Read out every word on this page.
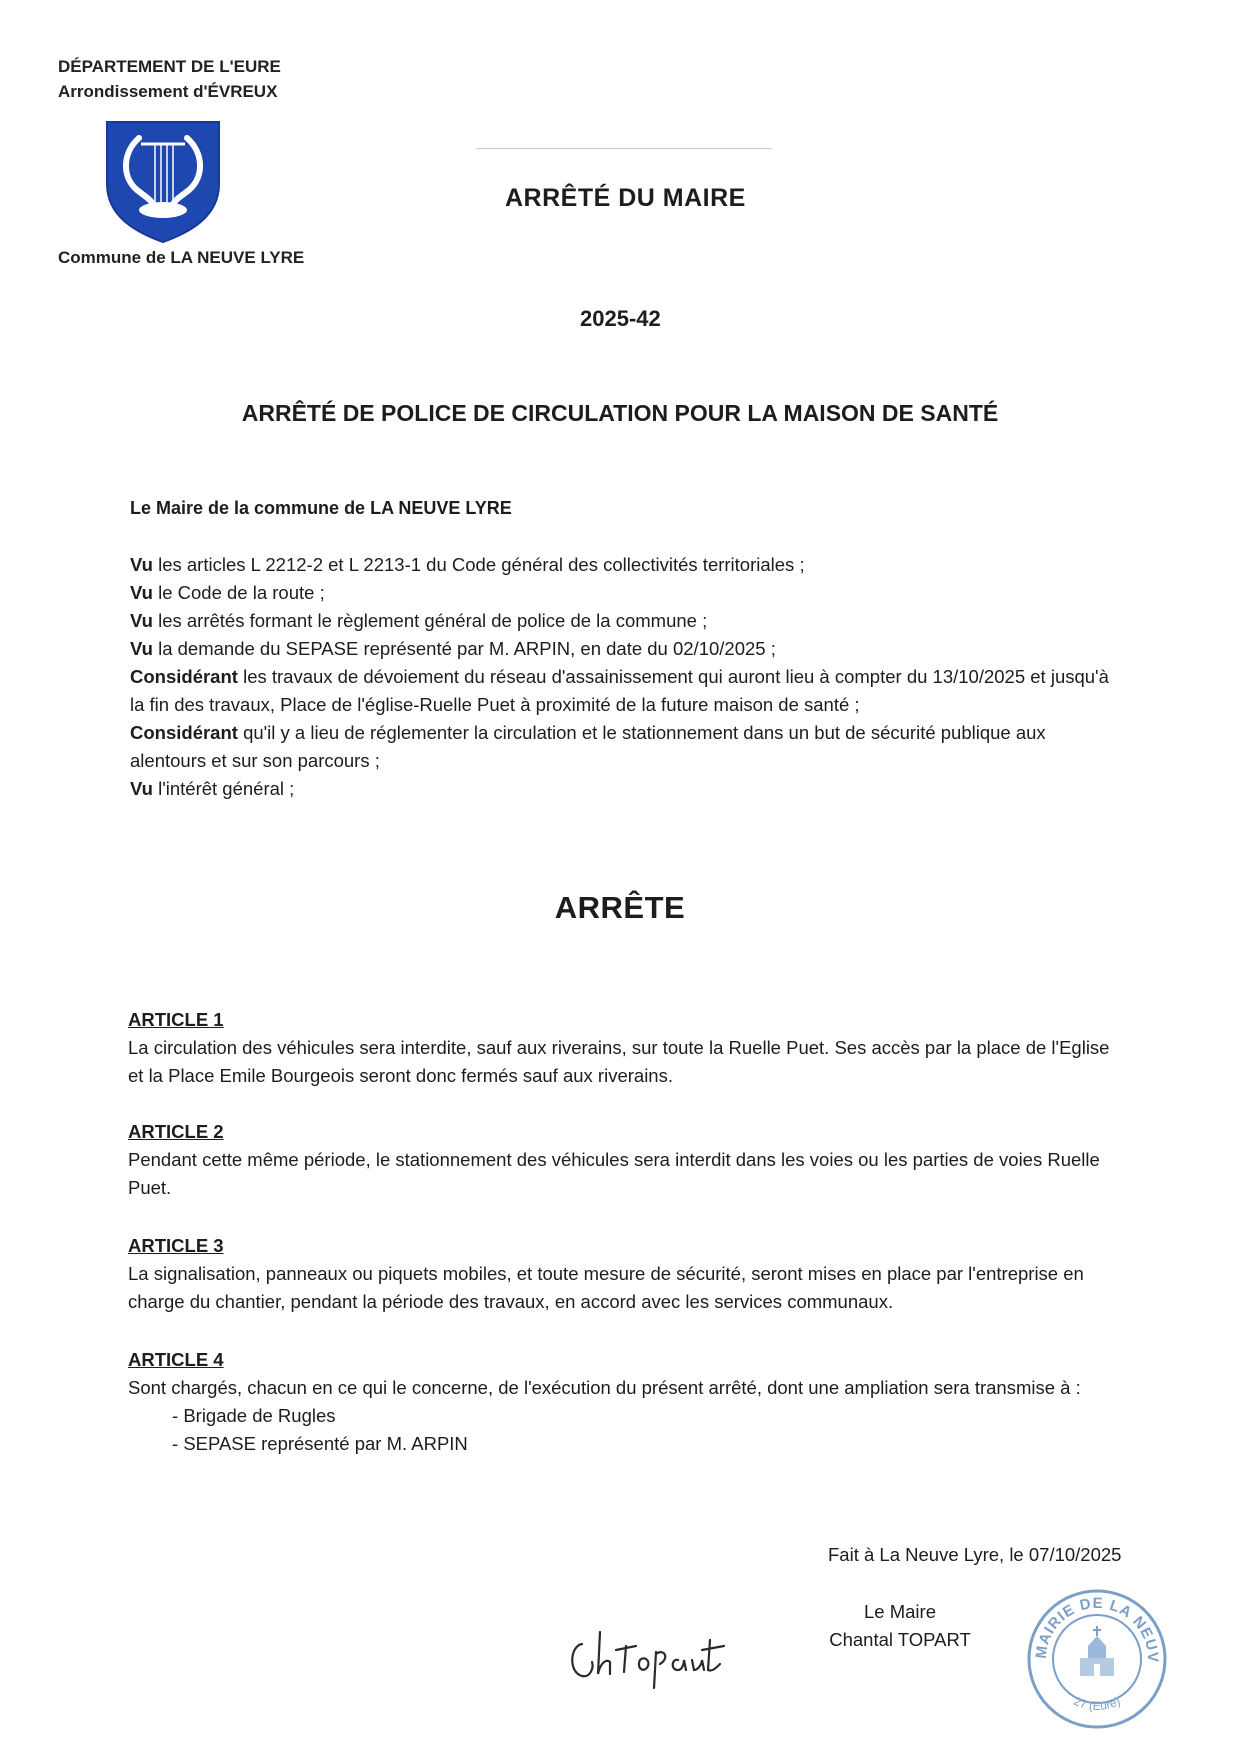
DÉPARTEMENT DE L'EURE
Arrondissement d'ÉVREUX
Commune de LA NEUVE LYRE
ARRÊTÉ DU MAIRE
2025-42
ARRÊTÉ DE POLICE DE CIRCULATION POUR LA MAISON DE SANTÉ
Le Maire de la commune de LA NEUVE LYRE

Vu les articles L 2212-2 et L 2213-1 du Code général des collectivités territoriales ;

Vu le Code de la route ;

Vu les arrêtés formant le règlement général de police de la commune ;

Vu la demande du SEPASE représenté par M. ARPIN, en date du 02/10/2025 ;

Considérant les travaux de dévoiement du réseau d'assainissement qui auront lieu à compter du 13/10/2025 et jusqu'à la fin des travaux, Place de l'église-Ruelle Puet à proximité de la future maison de santé ;

Considérant qu'il y a lieu de réglementer la circulation et le stationnement dans un but de sécurité publique aux alentours et sur son parcours ;

Vu l'intérêt général ;

ARRÊTE
ARTICLE 1
La circulation des véhicules sera interdite, sauf aux riverains, sur toute la Ruelle Puet. Ses accès par la place de l'Eglise et la Place Emile Bourgeois seront donc fermés sauf aux riverains.
ARTICLE 2
Pendant cette même période, le stationnement des véhicules sera interdit dans les voies ou les parties de voies Ruelle Puet.
ARTICLE 3
La signalisation, panneaux ou piquets mobiles, et toute mesure de sécurité, seront mises en place par l'entreprise en charge du chantier, pendant la période des travaux, en accord avec les services communaux.
ARTICLE 4
Sont chargés, chacun en ce qui le concerne, de l'exécution du présent arrêté, dont une ampliation sera transmise à :
- Brigade de Rugles
- SEPASE représenté par M. ARPIN
Fait à La Neuve Lyre, le 07/10/2025
Le Maire
Chantal TOPART
MAIRIE DE LA NEUV
27 (Eure)
